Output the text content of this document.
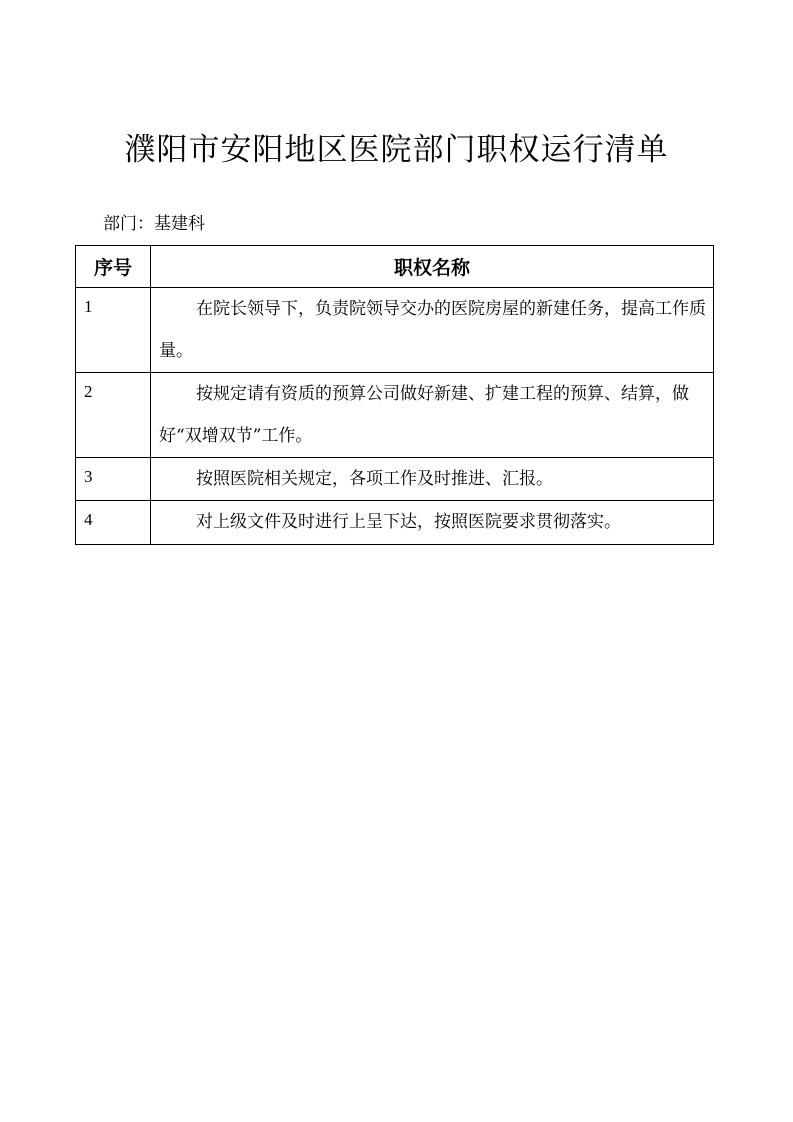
濮阳市安阳地区医院部门职权运行清单
部门：基建科
序号	职权名称
1	在院长领导下，负责院领导交办的医院房屋的新建任务，提高工作质量。
2	按规定请有资质的预算公司做好新建、扩建工程的预算、结算，做好“双增双节”工作。
3	按照医院相关规定，各项工作及时推进、汇报。
4	对上级文件及时进行上呈下达，按照医院要求贯彻落实。
